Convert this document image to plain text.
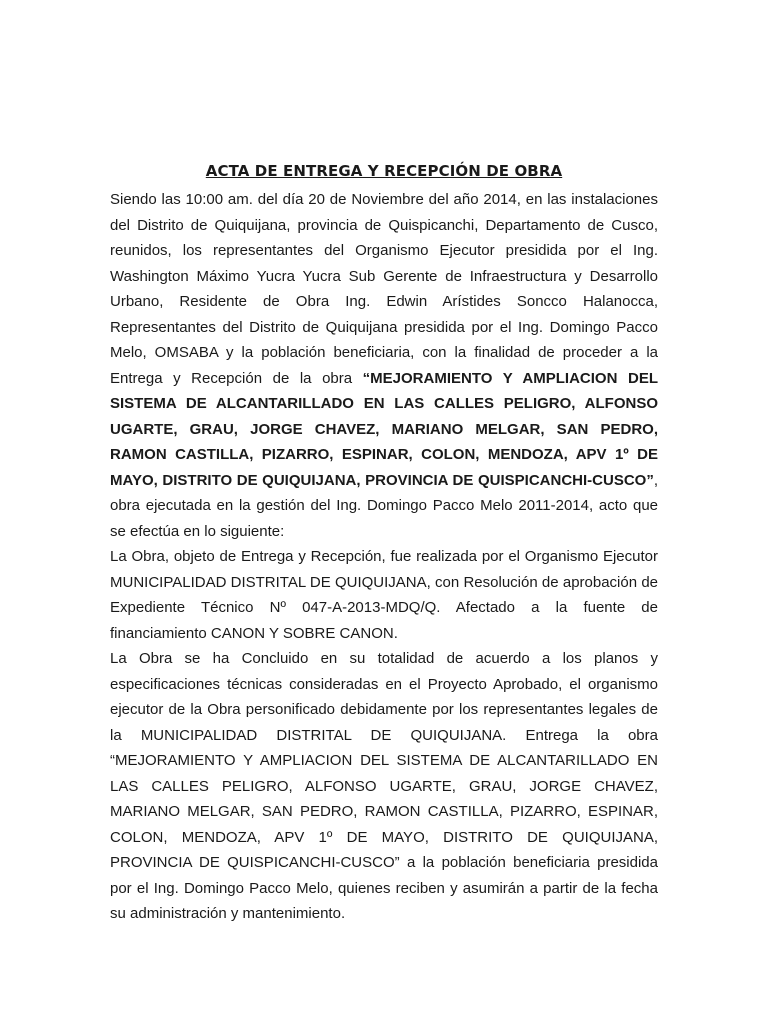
ACTA DE ENTREGA Y RECEPCIÓN DE OBRA

Siendo las 10:00 am. del día 20 de Noviembre del año 2014, en las instalaciones del Distrito de Quiquijana, provincia de Quispicanchi, Departamento de Cusco, reunidos, los representantes del Organismo Ejecutor presidida por el Ing. Washington Máximo Yucra Yucra Sub Gerente de Infraestructura y Desarrollo Urbano, Residente de Obra Ing. Edwin Arístides Soncco Halanocca, Representantes del Distrito de Quiquijana presidida por el Ing. Domingo Pacco Melo, OMSABA y la población beneficiaria, con la finalidad de proceder a la Entrega y Recepción de la obra “MEJORAMIENTO Y AMPLIACION DEL SISTEMA DE ALCANTARILLADO EN LAS CALLES PELIGRO, ALFONSO UGARTE, GRAU, JORGE CHAVEZ, MARIANO MELGAR, SAN PEDRO, RAMON CASTILLA, PIZARRO, ESPINAR, COLON, MENDOZA, APV 1º DE MAYO, DISTRITO DE QUIQUIJANA, PROVINCIA DE QUISPICANCHI-CUSCO”, obra ejecutada en la gestión del Ing. Domingo Pacco Melo 2011-2014, acto que se efectúa en lo siguiente:

La Obra, objeto de Entrega y Recepción, fue realizada por el Organismo Ejecutor MUNICIPALIDAD DISTRITAL DE QUIQUIJANA, con Resolución de aprobación de Expediente Técnico Nº 047-A-2013-MDQ/Q. Afectado a la fuente de financiamiento CANON Y SOBRE CANON.

La Obra se ha Concluido en su totalidad de acuerdo a los planos y especificaciones técnicas consideradas en el Proyecto Aprobado, el organismo ejecutor de la Obra personificado debidamente por los representantes legales de la MUNICIPALIDAD DISTRITAL DE QUIQUIJANA. Entrega la obra “MEJORAMIENTO Y AMPLIACION DEL SISTEMA DE ALCANTARILLADO EN LAS CALLES PELIGRO, ALFONSO UGARTE, GRAU, JORGE CHAVEZ, MARIANO MELGAR, SAN PEDRO, RAMON CASTILLA, PIZARRO, ESPINAR, COLON, MENDOZA, APV 1º DE MAYO, DISTRITO DE QUIQUIJANA, PROVINCIA DE QUISPICANCHI-CUSCO” a la población beneficiaria presidida por el Ing. Domingo Pacco Melo, quienes reciben y asumirán a partir de la fecha su administración y mantenimiento.
